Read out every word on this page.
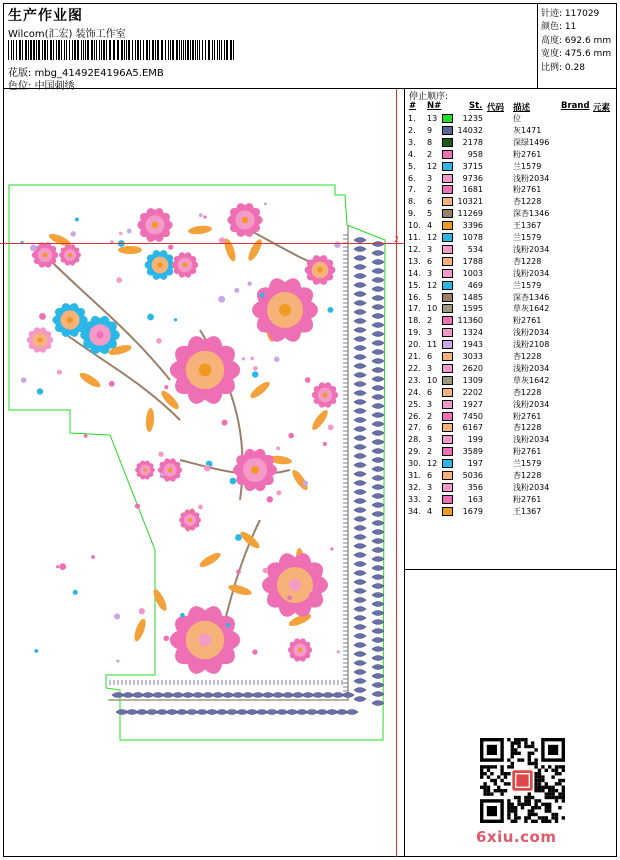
生产作业图
Wilcom(汇宏) 装饰工作室
花版: mbg_41492E4196A5.EMB
色位: 中国刺绣
针迹: 117029
颜色: 11
高度: 692.6 mm
宽度: 475.6 mm
比例: 0.28
2
停止顺序:
# N#	St. 代码 描述	Brand 元素
1. 13	1235	位
2. 9	14032	灰1471
3. 8	2178	深绿1496
4. 2	958	粉2761
5. 12	3715	兰1579
6. 3	9736	浅粉2034
7. 2	1681	粉2761
8. 6	10321	杏1228
9. 5	11269	深杏1346
10. 4	3396	王1367
11. 12	1078	兰1579
12. 3	534	浅粉2034
13. 6	1788	杏1228
14. 3	1003	浅粉2034
15. 12	469	兰1579
16. 5	1485	深杏1346
17. 10	1595	草灰1642
18. 2	11360	粉2761
19. 3	1324	浅粉2034
20. 11	1943	浅粉2108
21. 6	3033	杏1228
22. 3	2620	浅粉2034
23. 10	1309	草灰1642
24. 6	2202	杏1228
25. 3	1927	浅粉2034
26. 2	7450	粉2761
27. 6	6167	杏1228
28. 3	199	浅粉2034
29. 2	3589	粉2761
30. 12	197	兰1579
31. 6	5036	杏1228
32. 3	356	浅粉2034
33. 2	163	粉2761
34. 4	1679	王1367
6xiu.com
